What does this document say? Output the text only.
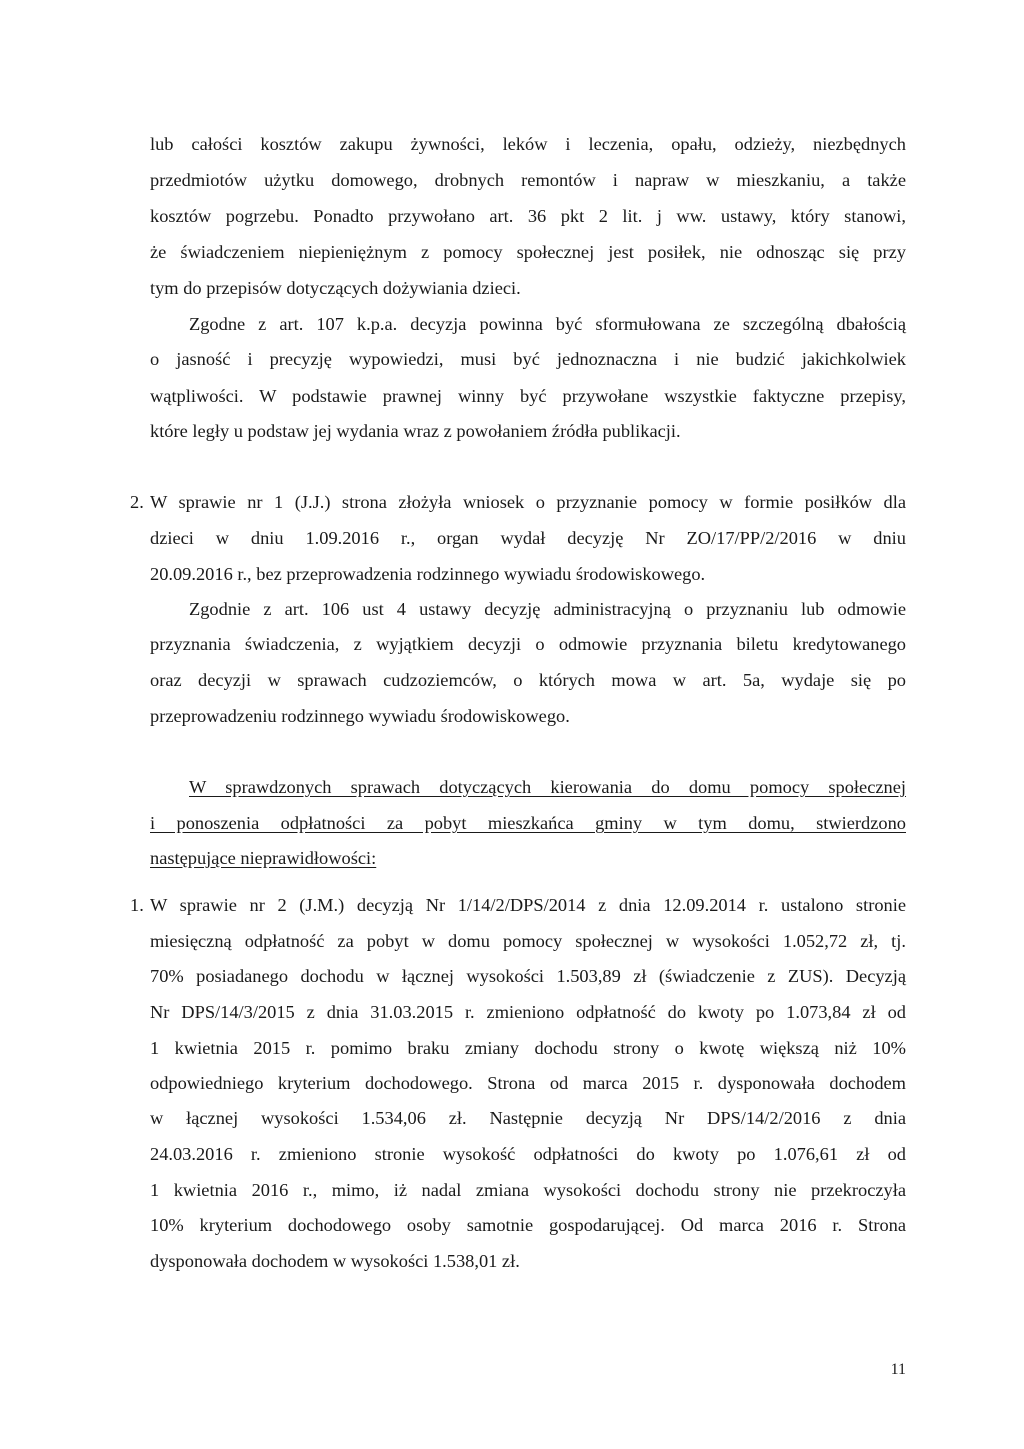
lub całości kosztów zakupu żywności, leków i leczenia, opału, odzieży, niezbędnych
przedmiotów użytku domowego, drobnych remontów i napraw w mieszkaniu, a także
kosztów pogrzebu. Ponadto przywołano art. 36 pkt 2 lit. j ww. ustawy, który stanowi,
że świadczeniem niepieniężnym z pomocy społecznej jest posiłek, nie odnosząc się przy
tym do przepisów dotyczących dożywiania dzieci.
Zgodne z art. 107 k.p.a. decyzja powinna być sformułowana ze szczególną dbałością
o jasność i precyzję wypowiedzi, musi być jednoznaczna i nie budzić jakichkolwiek
wątpliwości. W podstawie prawnej winny być przywołane wszystkie faktyczne przepisy,
które legły u podstaw jej wydania wraz z powołaniem źródła publikacji.
2. W sprawie nr 1 (J.J.) strona złożyła wniosek o przyznanie pomocy w formie posiłków dla
dzieci w dniu 1.09.2016 r., organ wydał decyzję Nr ZO/17/PP/2/2016 w dniu
20.09.2016 r., bez przeprowadzenia rodzinnego wywiadu środowiskowego.
Zgodnie z art. 106 ust 4 ustawy decyzję administracyjną o przyznaniu lub odmowie
przyznania świadczenia, z wyjątkiem decyzji o odmowie przyznania biletu kredytowanego
oraz decyzji w sprawach cudzoziemców, o których mowa w art. 5a, wydaje się po
przeprowadzeniu rodzinnego wywiadu środowiskowego.
W sprawdzonych sprawach dotyczących kierowania do domu pomocy społecznej
i ponoszenia odpłatności za pobyt mieszkańca gminy w tym domu, stwierdzono
następujące nieprawidłowości:
1. W sprawie nr 2 (J.M.) decyzją Nr 1/14/2/DPS/2014 z dnia 12.09.2014 r. ustalono stronie
miesięczną odpłatność za pobyt w domu pomocy społecznej w wysokości 1.052,72 zł, tj.
70% posiadanego dochodu w łącznej wysokości 1.503,89 zł (świadczenie z ZUS). Decyzją
Nr DPS/14/3/2015 z dnia 31.03.2015 r. zmieniono odpłatność do kwoty po 1.073,84 zł od
1 kwietnia 2015 r. pomimo braku zmiany dochodu strony o kwotę większą niż 10%
odpowiedniego kryterium dochodowego. Strona od marca 2015 r. dysponowała dochodem
w łącznej wysokości 1.534,06 zł. Następnie decyzją Nr DPS/14/2/2016 z dnia
24.03.2016 r. zmieniono stronie wysokość odpłatności do kwoty po 1.076,61 zł od
1 kwietnia 2016 r., mimo, iż nadal zmiana wysokości dochodu strony nie przekroczyła
10% kryterium dochodowego osoby samotnie gospodarującej. Od marca 2016 r. Strona
dysponowała dochodem w wysokości 1.538,01 zł.
11
